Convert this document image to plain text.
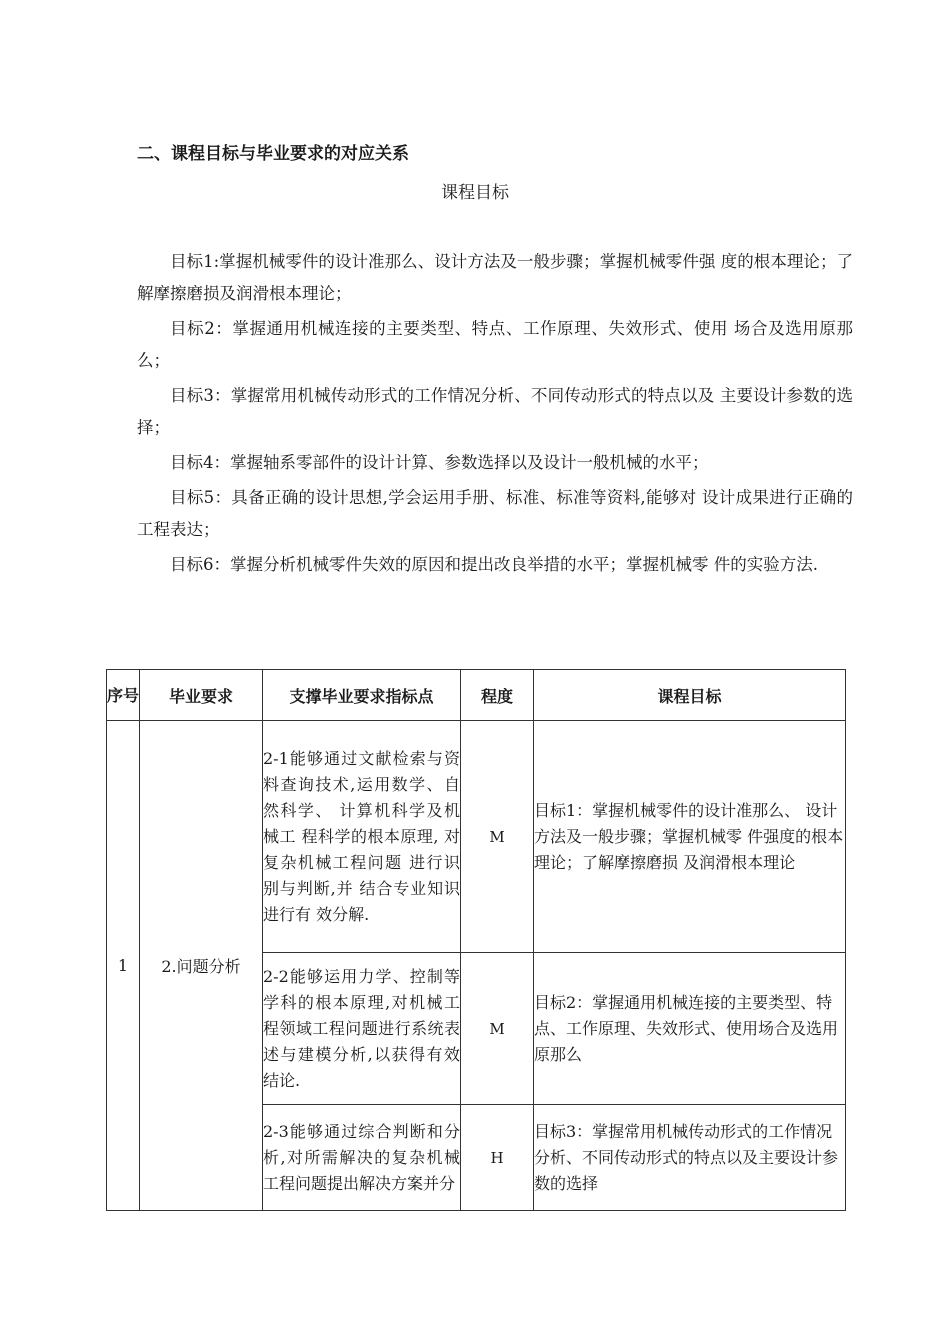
二、课程目标与毕业要求的对应关系
课程目标

目标1:掌握机械零件的设计准那么、设计方法及一般步骤；掌握机械零件强 度的根本理论；了解摩擦磨损及润滑根本理论；

目标2：掌握通用机械连接的主要类型、特点、工作原理、失效形式、使用 场合及选用原那么；

目标3：掌握常用机械传动形式的工作情况分析、不同传动形式的特点以及 主要设计参数的选择；

目标4：掌握轴系零部件的设计计算、参数选择以及设计一般机械的水平；

目标5：具备正确的设计思想,学会运用手册、标准、标准等资料,能够对 设计成果进行正确的工程表达；

目标6：掌握分析机械零件失效的原因和提出改良举措的水平；掌握机械零 件的实验方法.

序号	毕业要求	支撑毕业要求指标点	程度	课程目标
1	2.问题分析	2-1能够通过文献检索与资料查询技术,运用数学、自然科学、 计算机科学及机械工 程科学的根本原理, 对复杂机械工程问题 进行识别与判断,并 结合专业知识进行有 效分解.	M	目标1：掌握机械零件的设计准那么、 设计方法及一般步骤；掌握机械零 件强度的根本理论；了解摩擦磨损 及润滑根本理论
		2-2能够运用力学、控制等学科的根本原理,对机械工程领域工程问题进行系统表述与建模分析,以获得有效结论.	M	目标2：掌握通用机械连接的主要类型、特点、工作原理、失效形式、使用场合及选用原那么
		2-3能够通过综合判断和分析,对所需解决的复杂机械工程问题提出解决方案并分	H	目标3：掌握常用机械传动形式的工作情况分析、不同传动形式的特点以及主要设计参数的选择
